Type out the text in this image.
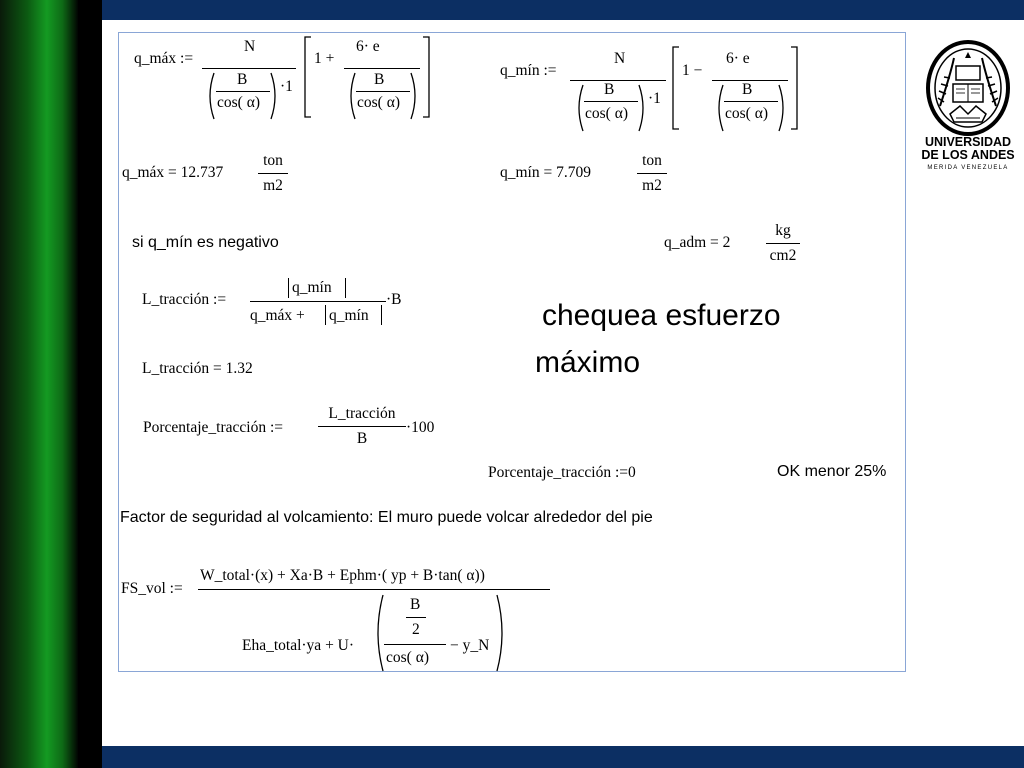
UNIVERSIDAD
DE LOS ANDES
MERIDA VENEZUELA
q_máx :=
N
B
cos( α)
·1
1 +
6· e
B
cos( α)
q_mín :=
N
B
cos( α)
·1
1 −
6· e
B
cos( α)
q_máx = 12.737
ton
m2
q_mín = 7.709
ton
m2
si q_mín es negativo	q_adm = 2
kg
cm2
L_tracción :=
q_mín
q_máx + q_mín
·B
L_tracción = 1.32
chequea esfuerzo
máximo
Porcentaje_tracción :=
L_tracción
B
·100
Porcentaje_tracción :=0	OK menor 25%
Factor de seguridad al volcamiento: El muro puede volcar alrededor del pie
FS_vol :=
W_total·(x) + Xa·B + Ephm·( yp + B·tan( α))
Eha_total·ya + U·
B
2
cos( α)
− y_N
